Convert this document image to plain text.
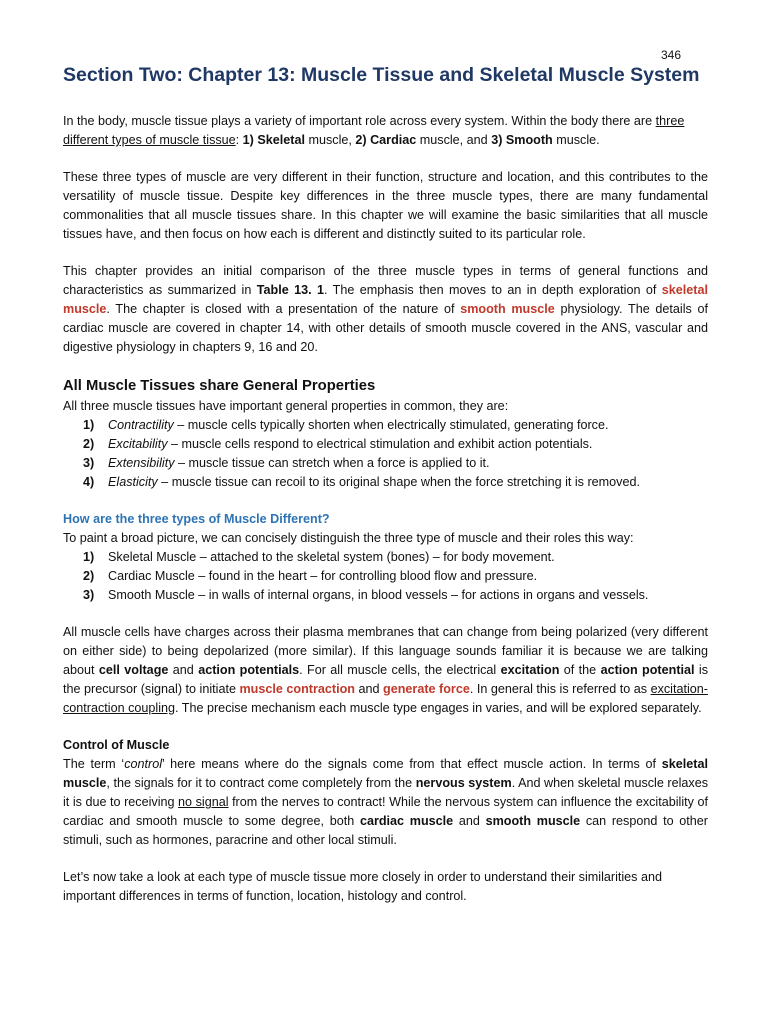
346
Section Two: Chapter 13: Muscle Tissue and Skeletal Muscle System

In the body, muscle tissue plays a variety of important role across every system. Within the body there are three different types of muscle tissue: 1) Skeletal muscle, 2) Cardiac muscle, and 3) Smooth muscle.

These three types of muscle are very different in their function, structure and location, and this contributes to the versatility of muscle tissue. Despite key differences in the three muscle types, there are many fundamental commonalities that all muscle tissues share. In this chapter we will examine the basic similarities that all muscle tissues have, and then focus on how each is different and distinctly suited to its particular role.

This chapter provides an initial comparison of the three muscle types in terms of general functions and characteristics as summarized in Table 13. 1. The emphasis then moves to an in depth exploration of skeletal muscle. The chapter is closed with a presentation of the nature of smooth muscle physiology. The details of cardiac muscle are covered in chapter 14, with other details of smooth muscle covered in the ANS, vascular and digestive physiology in chapters 9, 16 and 20.

All Muscle Tissues share General Properties
All three muscle tissues have important general properties in common, they are:
1) Contractility – muscle cells typically shorten when electrically stimulated, generating force.
2) Excitability – muscle cells respond to electrical stimulation and exhibit action potentials.
3) Extensibility – muscle tissue can stretch when a force is applied to it.
4) Elasticity – muscle tissue can recoil to its original shape when the force stretching it is removed.
How are the three types of Muscle Different?
To paint a broad picture, we can concisely distinguish the three type of muscle and their roles this way:
1) Skeletal Muscle – attached to the skeletal system (bones) – for body movement.
2) Cardiac Muscle – found in the heart – for controlling blood flow and pressure.
3) Smooth Muscle – in walls of internal organs, in blood vessels – for actions in organs and vessels.

All muscle cells have charges across their plasma membranes that can change from being polarized (very different on either side) to being depolarized (more similar). If this language sounds familiar it is because we are talking about cell voltage and action potentials. For all muscle cells, the electrical excitation of the action potential is the precursor (signal) to initiate muscle contraction and generate force. In general this is referred to as excitation-contraction coupling. The precise mechanism each muscle type engages in varies, and will be explored separately.

Control of Muscle

The term ‘control’ here means where do the signals come from that effect muscle action. In terms of skeletal muscle, the signals for it to contract come completely from the nervous system. And when skeletal muscle relaxes it is due to receiving no signal from the nerves to contract! While the nervous system can influence the excitability of cardiac and smooth muscle to some degree, both cardiac muscle and smooth muscle can respond to other stimuli, such as hormones, paracrine and other local stimuli.

Let’s now take a look at each type of muscle tissue more closely in order to understand their similarities and important differences in terms of function, location, histology and control.
